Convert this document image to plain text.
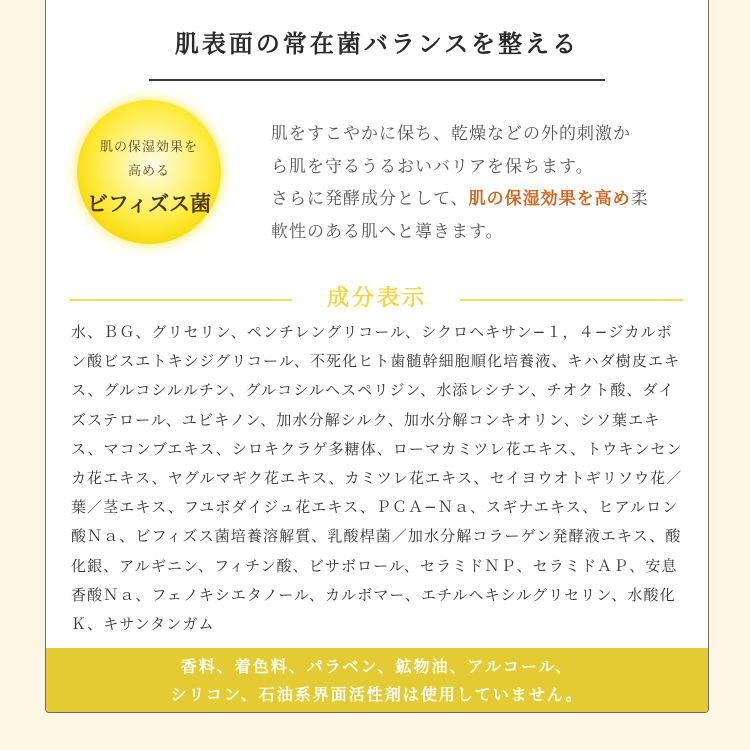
肌表面の常在菌バランスを整える
肌の保湿効果を
高める
ビフィズス菌
肌をすこやかに保ち、乾燥などの外的刺激か
ら肌を守るうるおいバリアを保ちます。
さらに発酵成分として、肌の保湿効果を高め柔
軟性のある肌へと導きます。
成分表示
水、ＢＧ、グリセリン、ペンチレングリコール、シクロヘキサン−１，４−ジカルボン酸ビスエトキシジグリコール、不死化ヒト歯髄幹細胞順化培養液、キハダ樹皮エキス、グルコシルルチン、グルコシルヘスペリジン、水添レシチン、チオクト酸、ダイズステロール、ユビキノン、加水分解シルク、加水分解コンキオリン、シソ葉エキス、マコンブエキス、シロキクラゲ多糖体、ローマカミツレ花エキス、トウキンセンカ花エキス、ヤグルマギク花エキス、カミツレ花エキス、セイヨウオトギリソウ花／葉／茎エキス、フユボダイジュ花エキス、ＰＣＡ−Ｎａ、スギナエキス、ヒアルロン酸Ｎａ、ビフィズス菌培養溶解質、乳酸桿菌／加水分解コラーゲン発酵液エキス、酸化銀、アルギニン、フィチン酸、ビサボロール、セラミドＮＰ、セラミドＡＰ、安息香酸Ｎａ、フェノキシエタノール、カルボマー、エチルヘキシルグリセリン、水酸化Ｋ、キサンタンガム
香料、着色料、パラベン、鉱物油、アルコール、
シリコン、石油系界面活性剤は使用していません。
